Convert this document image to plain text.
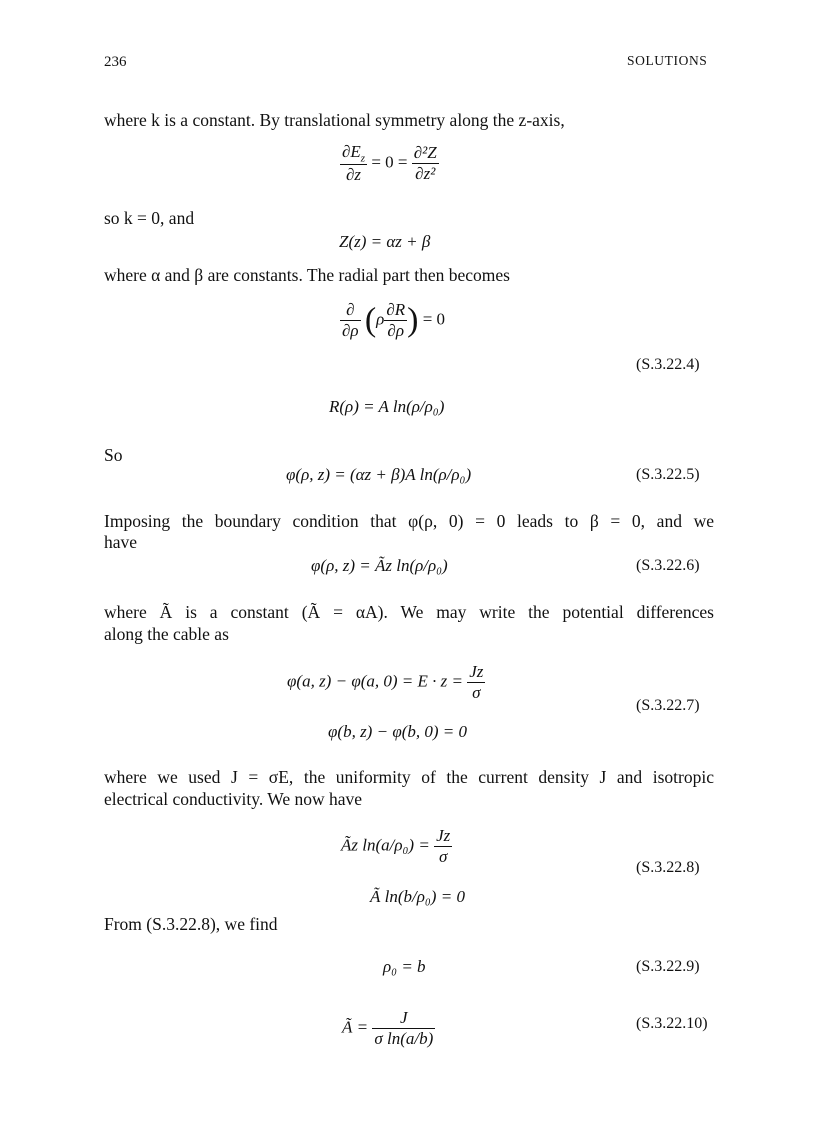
236	SOLUTIONS
where k is a constant. By translational symmetry along the z-axis,
$\frac{\partial E_z}{\partial z} = 0 = \frac{\text{∂²Z}}{\text{∂z²}}$
so k = 0, and
Z(z) = αz + β
where α and β are constants. The radial part then becomes
$\frac{\partial}{\partial\rho} (\rho \frac{\partial R}{\partial\rho}$ ) = 0
(S.3.22.4)
R(ρ) = A ln(ρ/ρ₀)
So
φ(ρ, z) = (αz + β)A ln(ρ/ρ₀)	(S.3.22.5)
Imposing the boundary condition that φ(ρ, 0) = 0 leads to β = 0, and we
have
φ(ρ, z) = Ãz ln(ρ/ρ₀)	(S.3.22.6)
where Ã is a constant (Ã = αA). We may write the potential differences
along the cable as
φ(a, z) − φ(a, $0) = E \cdot z = \frac{Jz}{\sigma}$
(S.3.22.7)
φ(b, z) − φ(b, 0) = 0
where we used J = σE, the uniformity of the current density J and isotropic
electrical conductivity. We now have
Ãz $\ln(a/\rho_0) = \frac{Jz}{\sigma}$
(S.3.22.8)
Ã ln(b/ρ₀) = 0
From (S.3.22.8), we find
ρ₀ = b	(S.3.22.9)
Ã = $\frac{J}{\text{σ ln(a/b)}}$	(S.3.22.10)
